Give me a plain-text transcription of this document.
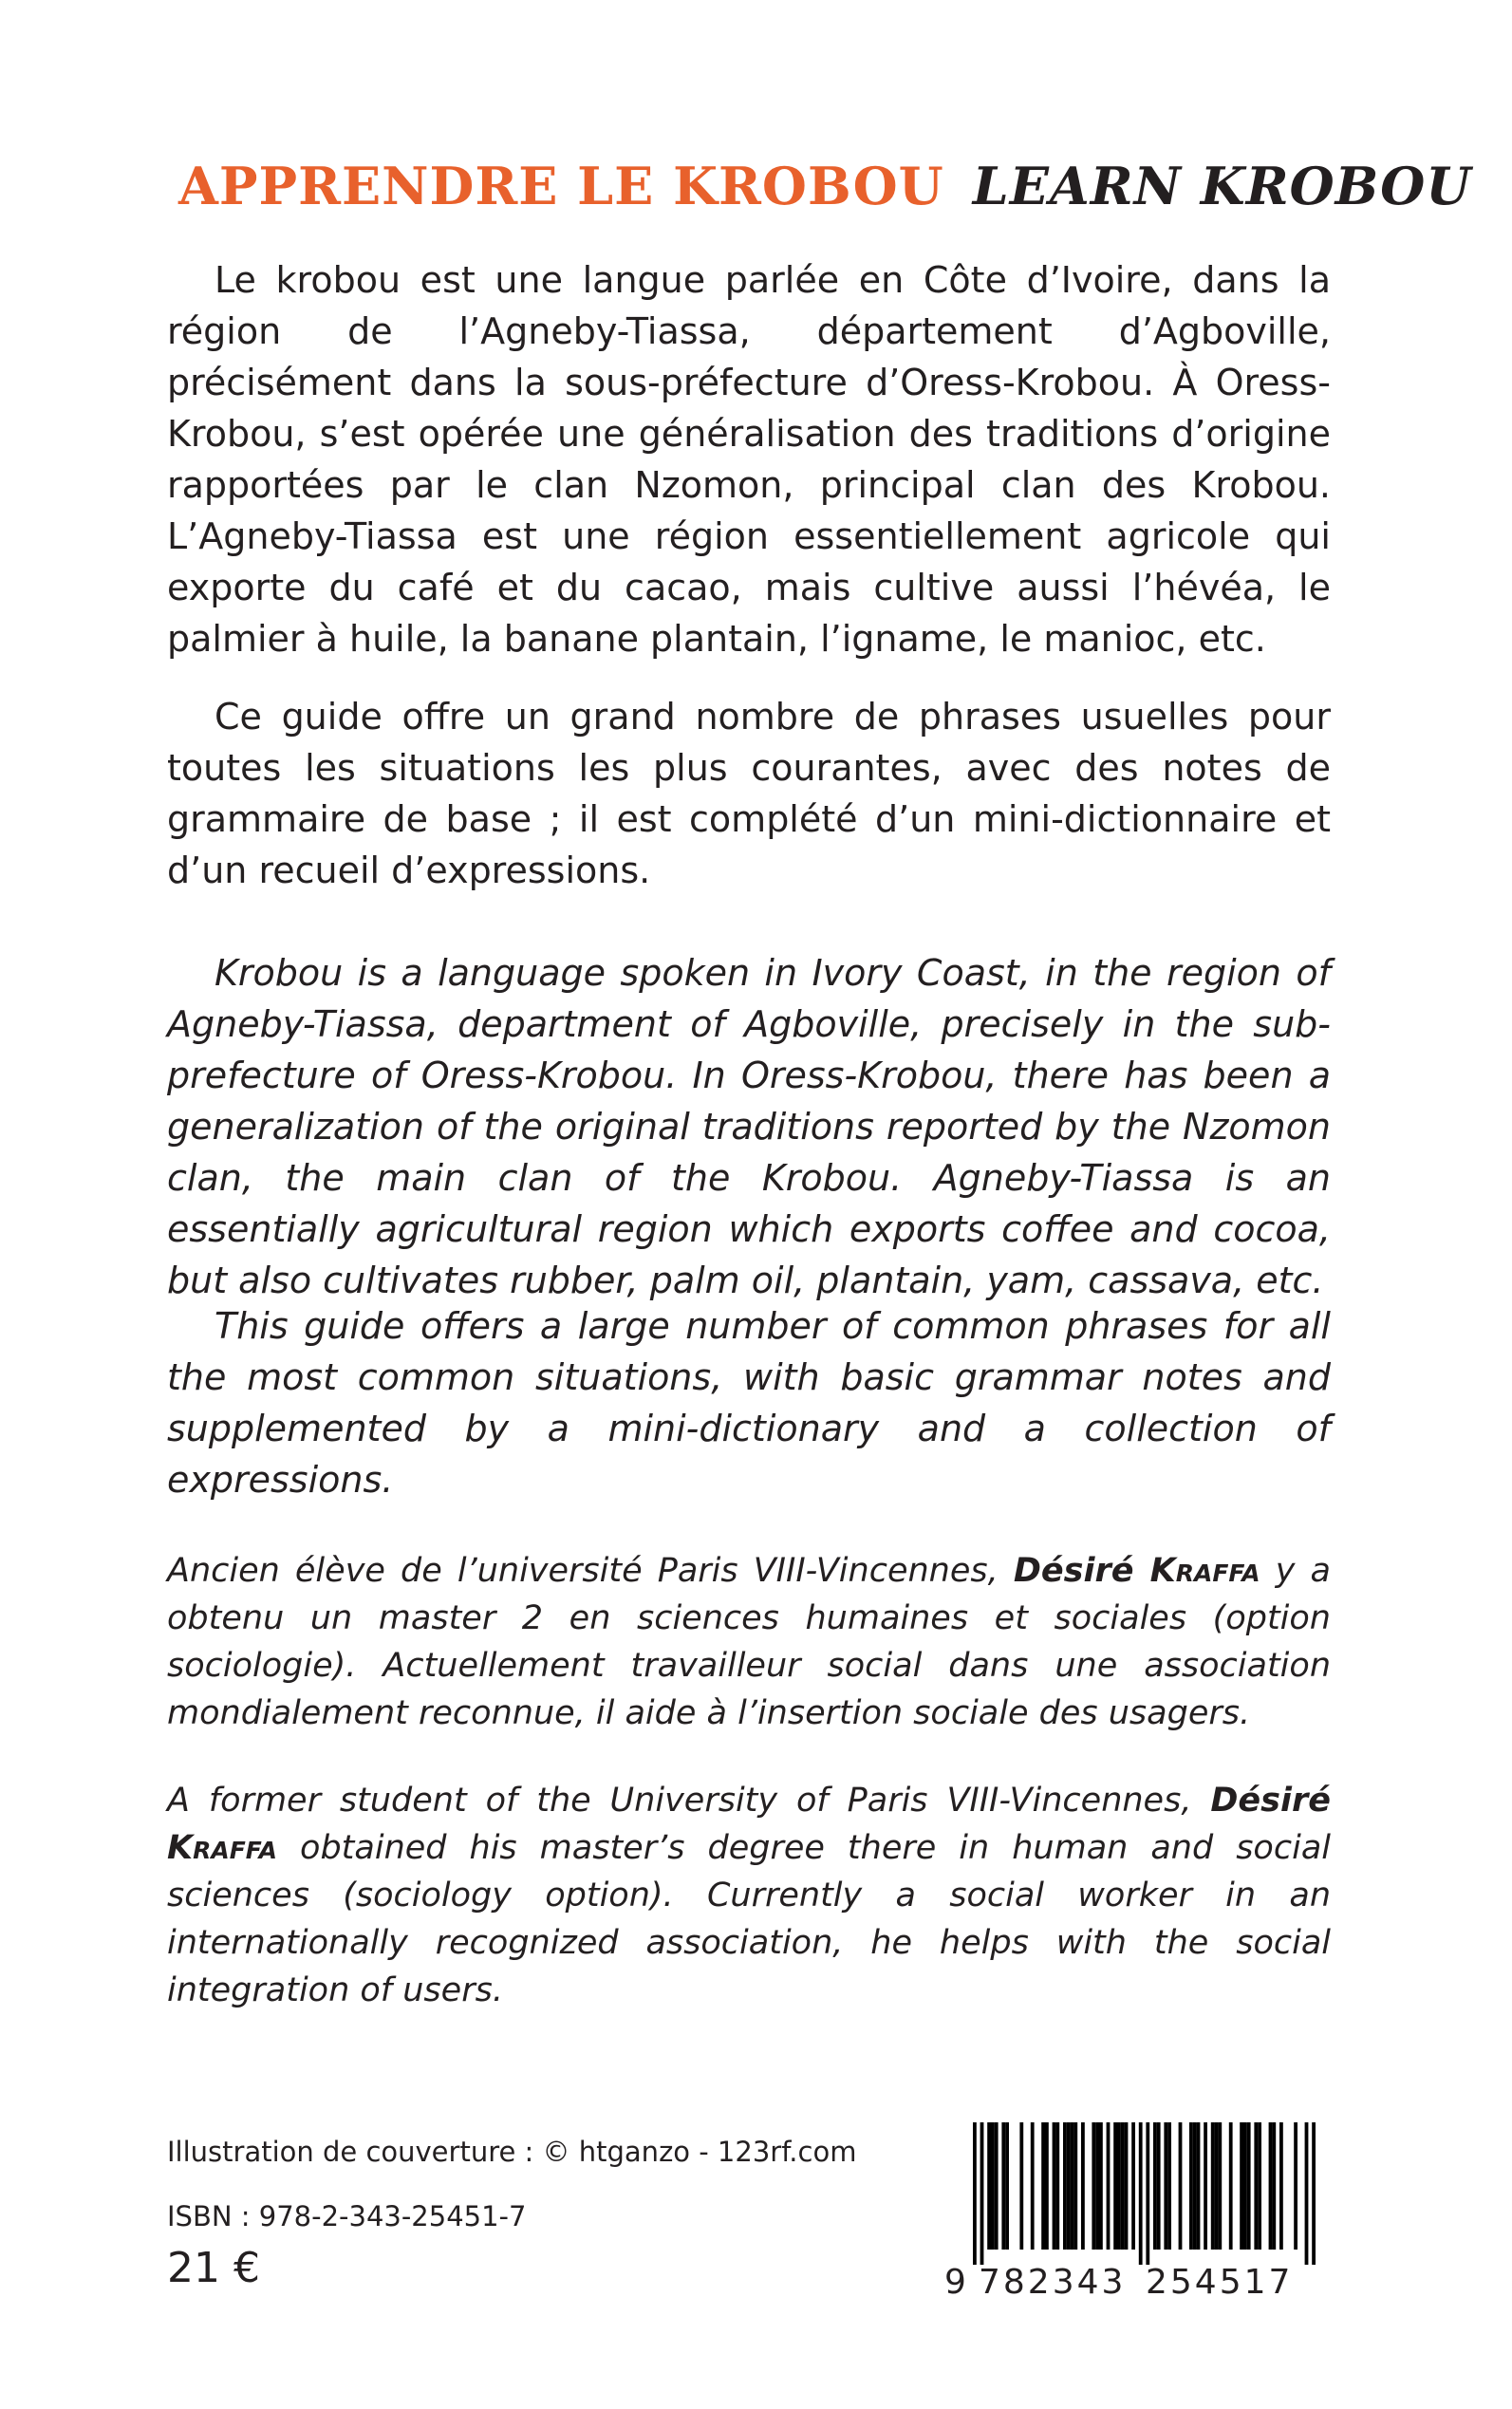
APPRENDRE LE KROBOU LEARN KROBOU

Le krobou est une langue parlée en Côte d’Ivoire, dans la région de l’Agneby-Tiassa, département d’Agboville, précisément dans la sous-préfecture d’Oress-Krobou. À Oress-Krobou, s’est opérée une généralisation des traditions d’origine rapportées par le clan Nzomon, principal clan des Krobou. L’Agneby-Tiassa est une région essentiellement agricole qui exporte du café et du cacao, mais cultive aussi l’hévéa, le palmier à huile, la banane plantain, l’igname, le manioc, etc.

Ce guide offre un grand nombre de phrases usuelles pour toutes les situations les plus courantes, avec des notes de grammaire de base ; il est complété d’un mini-dictionnaire et d’un recueil d’expressions.

Krobou is a language spoken in Ivory Coast, in the region of Agneby-Tiassa, department of Agboville, precisely in the sub-prefecture of Oress-Krobou. In Oress-Krobou, there has been a generalization of the original traditions reported by the Nzomon clan, the main clan of the Krobou. Agneby-Tiassa is an essentially agricultural region which exports coffee and cocoa, but also cultivates rubber, palm oil, plantain, yam, cassava, etc.

This guide offers a large number of common phrases for all the most common situations, with basic grammar notes and supplemented by a mini-dictionary and a collection of expressions.

Ancien élève de l’université Paris VIII-Vincennes, Désiré Kraffa y a obtenu un master 2 en sciences humaines et sociales (option sociologie). Actuellement travailleur social dans une association mondialement reconnue, il aide à l’insertion sociale des usagers.

A former student of the University of Paris VIII-Vincennes, Désiré Kraffa obtained his master’s degree there in human and social sciences (sociology option). Currently a social worker in an internationally recognized association, he helps with the social integration of users.

Illustration de couverture : © htganzo - 123rf.com
ISBN : 978-2-343-25451-7
21 €	9 782343 254517
